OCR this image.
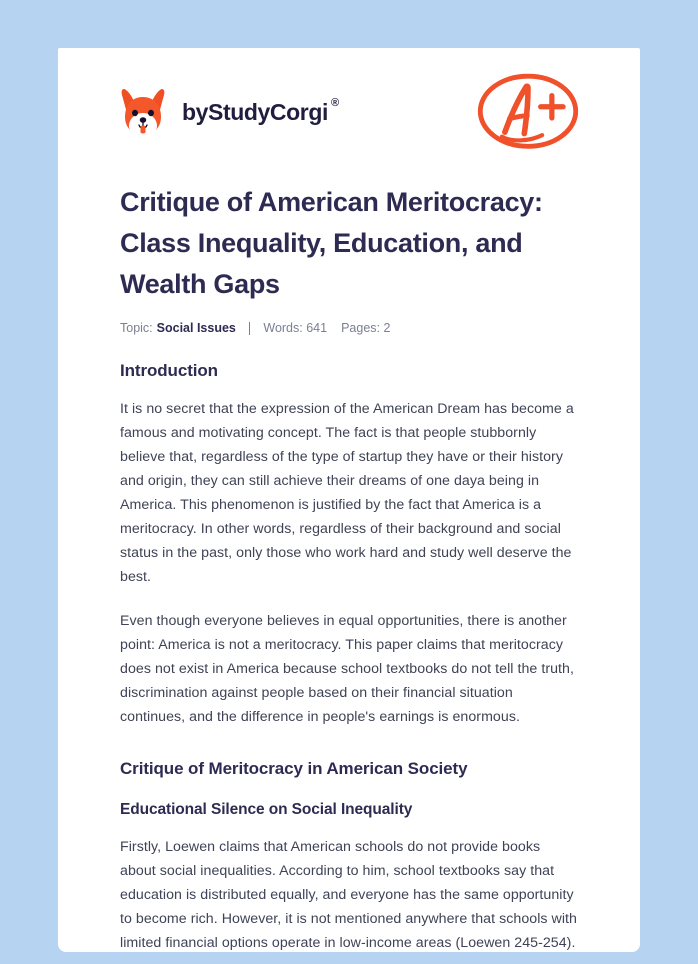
by StudyCorgi ®
Critique of American Meritocracy: Class Inequality, Education, and Wealth Gaps
Topic: Social Issues Words: 641 Pages: 2
Introduction

It is no secret that the expression of the American Dream has become a famous and motivating concept. The fact is that people stubbornly believe that, regardless of the type of startup they have or their history and origin, they can still achieve their dreams of one daya being in America. This phenomenon is justified by the fact that America is a meritocracy. In other words, regardless of their background and social status in the past, only those who work hard and study well deserve the best.

Even though everyone believes in equal opportunities, there is another point: America is not a meritocracy. This paper claims that meritocracy does not exist in America because school textbooks do not tell the truth, discrimination against people based on their financial situation continues, and the difference in people's earnings is enormous.

Critique of Meritocracy in American Society
Educational Silence on Social Inequality

Firstly, Loewen claims that American schools do not provide books about social inequalities. According to him, school textbooks say that education is distributed equally, and everyone has the same opportunity to become rich. However, it is not mentioned anywhere that schools with limited financial options operate in low-income areas (Loewen 245-254).
